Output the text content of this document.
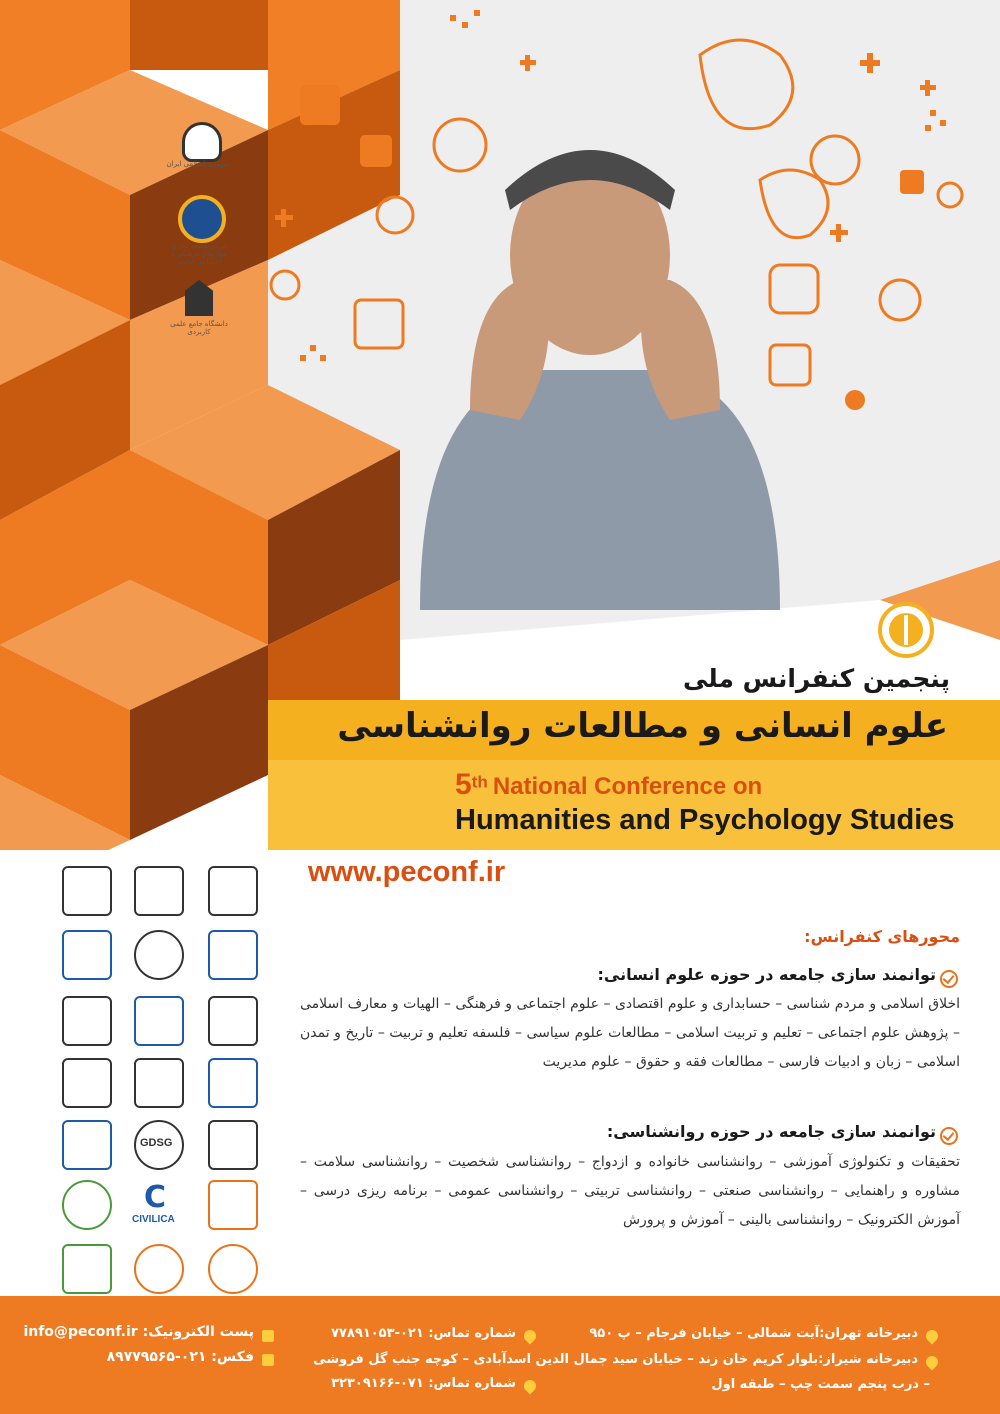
جمهوری اسلامی ایران
مرکز توسعه سازی مهارتهای فرهنگی و اجتماعی جامعه
دانشگاه جامع علمی کاربردی
پنجمین کنفرانس ملی
علوم انسانی و مطالعات روانشناسی
5th National Conference on
Humanities and Psychology Studies
www.peconf.ir
GDSG
C
CIVILICA
محورهای کنفرانس:
توانمند سازی جامعه در حوزه علوم انسانی:
اخلاق اسلامی و مردم شناسی – حسابداری و علوم اقتصادی – علوم اجتماعی و فرهنگی – الهیات و معارف اسلامی – پژوهش علوم اجتماعی – تعلیم و تربیت اسلامی – مطالعات علوم سیاسی – فلسفه تعلیم و تربیت – تاریخ و تمدن اسلامی – زبان و ادبیات فارسی – مطالعات فقه و حقوق – علوم مدیریت
توانمند سازی جامعه در حوزه روانشناسی:
تحقیقات و تکنولوژی آموزشی – روانشناسی خانواده و ازدواج – روانشناسی شخصیت – روانشناسی سلامت – مشاوره و راهنمایی – روانشناسی صنعتی – روانشناسی تربیتی – روانشناسی عمومی – برنامه ریزی درسی – آموزش الکترونیک – روانشناسی بالینی – آموزش و پرورش
دبیرخانه تهران:آیت شمالی – خیابان فرجام – پ ۹۵۰
شماره تماس: ۰۲۱-۷۷۸۹۱۰۵۳
دبیرخانه شیراز:بلوار کریم خان زند – خیابان سید جمال الدین اسدآبادی – کوچه جنب گل فروشی
– درب پنجم سمت چپ – طبقه اول
شماره تماس: ۰۷۱-۳۲۳۰۹۱۶۶
پست الکترونیک: info@peconf.ir
فکس: ۰۲۱-۸۹۷۷۹۵۶۵
